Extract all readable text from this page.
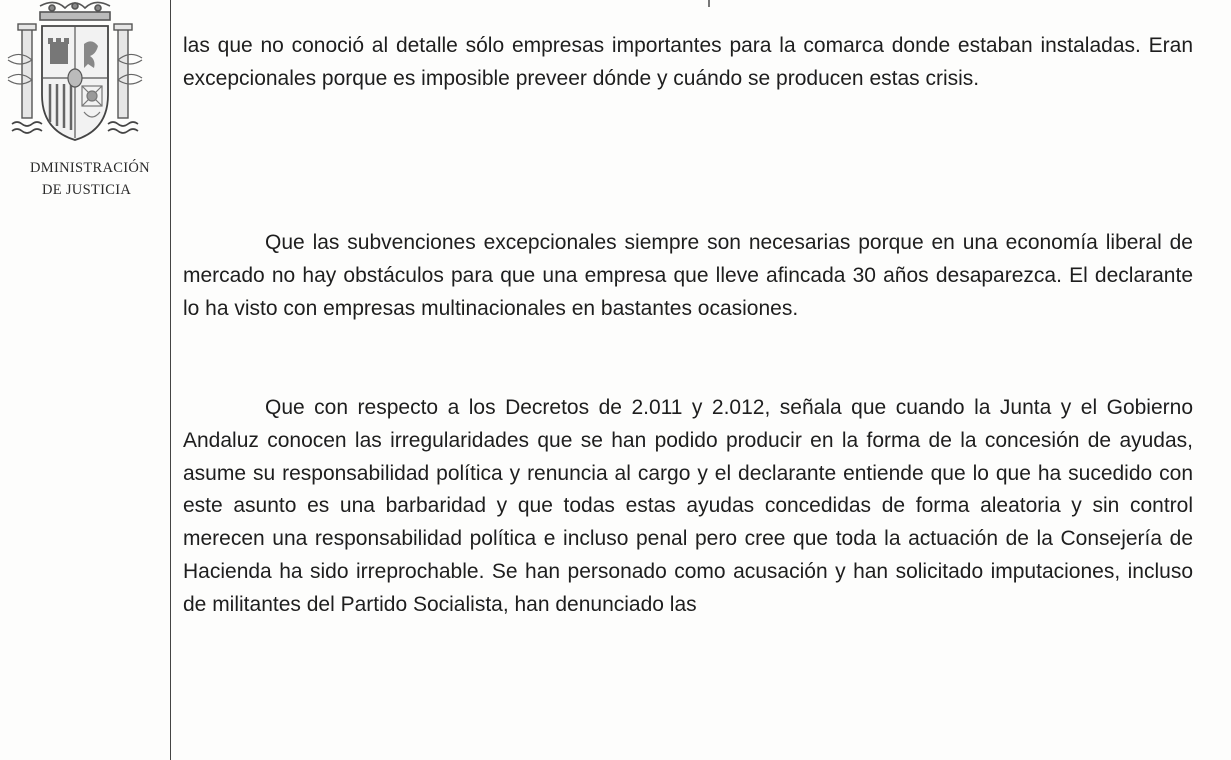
DMINISTRACIÓN
DE JUSTICIA

las que no conoció al detalle sólo empresas importantes para la comarca donde estaban instaladas. Eran excepcionales porque es imposible preveer dónde y cuándo se producen estas crisis.

Que las subvenciones excepcionales siempre son necesarias porque en una economía liberal de mercado no hay obstáculos para que una empresa que lleve afincada 30 años desaparezca. El declarante lo ha visto con empresas multinacionales en bastantes ocasiones.

Que con respecto a los Decretos de 2.011 y 2.012, señala que cuando la Junta y el Gobierno Andaluz conocen las irregularidades que se han podido producir en la forma de la concesión de ayudas, asume su responsabilidad política y renuncia al cargo y el declarante entiende que lo que ha sucedido con este asunto es una barbaridad y que todas estas ayudas concedidas de forma aleatoria y sin control merecen una responsabilidad política e incluso penal pero cree que toda la actuación de la Consejería de Hacienda ha sido irreprochable. Se han personado como acusación y han solicitado imputaciones, incluso de militantes del Partido Socialista, han denunciado las
